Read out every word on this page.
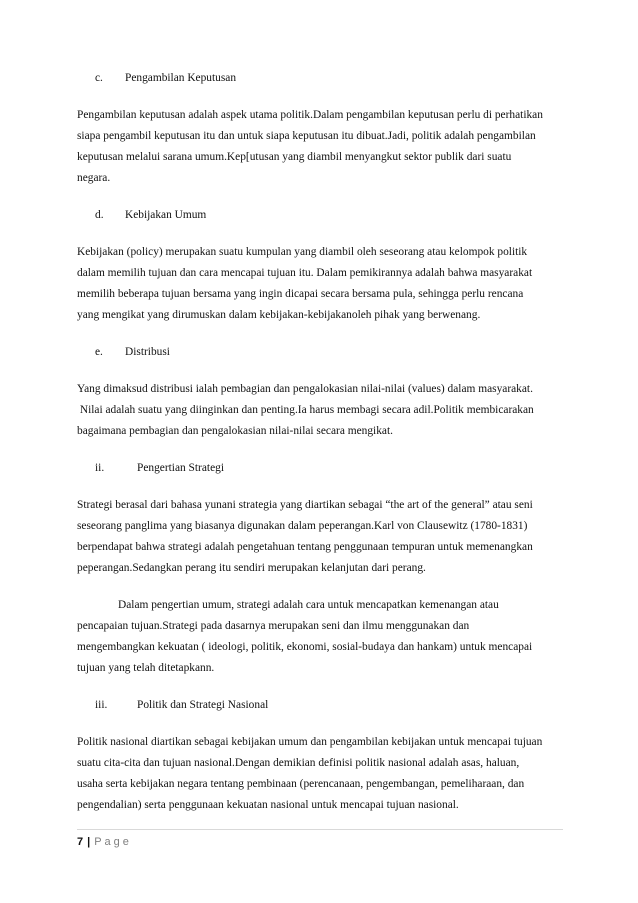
c.	Pengambilan Keputusan
Pengambilan keputusan adalah aspek utama politik.Dalam pengambilan keputusan perlu di perhatikan
siapa pengambil keputusan itu dan untuk siapa keputusan itu dibuat.Jadi, politik adalah pengambilan
keputusan melalui sarana umum.Kep[utusan yang diambil menyangkut sektor publik dari suatu
negara.
d.	Kebijakan Umum
Kebijakan (policy) merupakan suatu kumpulan yang diambil oleh seseorang atau kelompok politik
dalam memilih tujuan dan cara mencapai tujuan itu. Dalam pemikirannya adalah bahwa masyarakat
memilih beberapa tujuan bersama yang ingin dicapai secara bersama pula, sehingga perlu rencana
yang mengikat yang dirumuskan dalam kebijakan-kebijakanoleh pihak yang berwenang.
e.	Distribusi
Yang dimaksud distribusi ialah pembagian dan pengalokasian nilai-nilai (values) dalam masyarakat.
Nilai adalah suatu yang diinginkan dan penting.Ia harus membagi secara adil.Politik membicarakan
bagaimana pembagian dan pengalokasian nilai-nilai secara mengikat.
ii.	Pengertian Strategi
Strategi berasal dari bahasa yunani strategia yang diartikan sebagai “the art of the general” atau seni
seseorang panglima yang biasanya digunakan dalam peperangan.Karl von Clausewitz (1780-1831)
berpendapat bahwa strategi adalah pengetahuan tentang penggunaan tempuran untuk memenangkan
peperangan.Sedangkan perang itu sendiri merupakan kelanjutan dari perang.
Dalam pengertian umum, strategi adalah cara untuk mencapatkan kemenangan atau
pencapaian tujuan.Strategi pada dasarnya merupakan seni dan ilmu menggunakan dan
mengembangkan kekuatan ( ideologi, politik, ekonomi, sosial-budaya dan hankam) untuk mencapai
tujuan yang telah ditetapkann.
iii.	Politik dan Strategi Nasional
Politik nasional diartikan sebagai kebijakan umum dan pengambilan kebijakan untuk mencapai tujuan
suatu cita-cita dan tujuan nasional.Dengan demikian definisi politik nasional adalah asas, haluan,
usaha serta kebijakan negara tentang pembinaan (perencanaan, pengembangan, pemeliharaan, dan
pengendalian) serta penggunaan kekuatan nasional untuk mencapai tujuan nasional.
7 | Page
